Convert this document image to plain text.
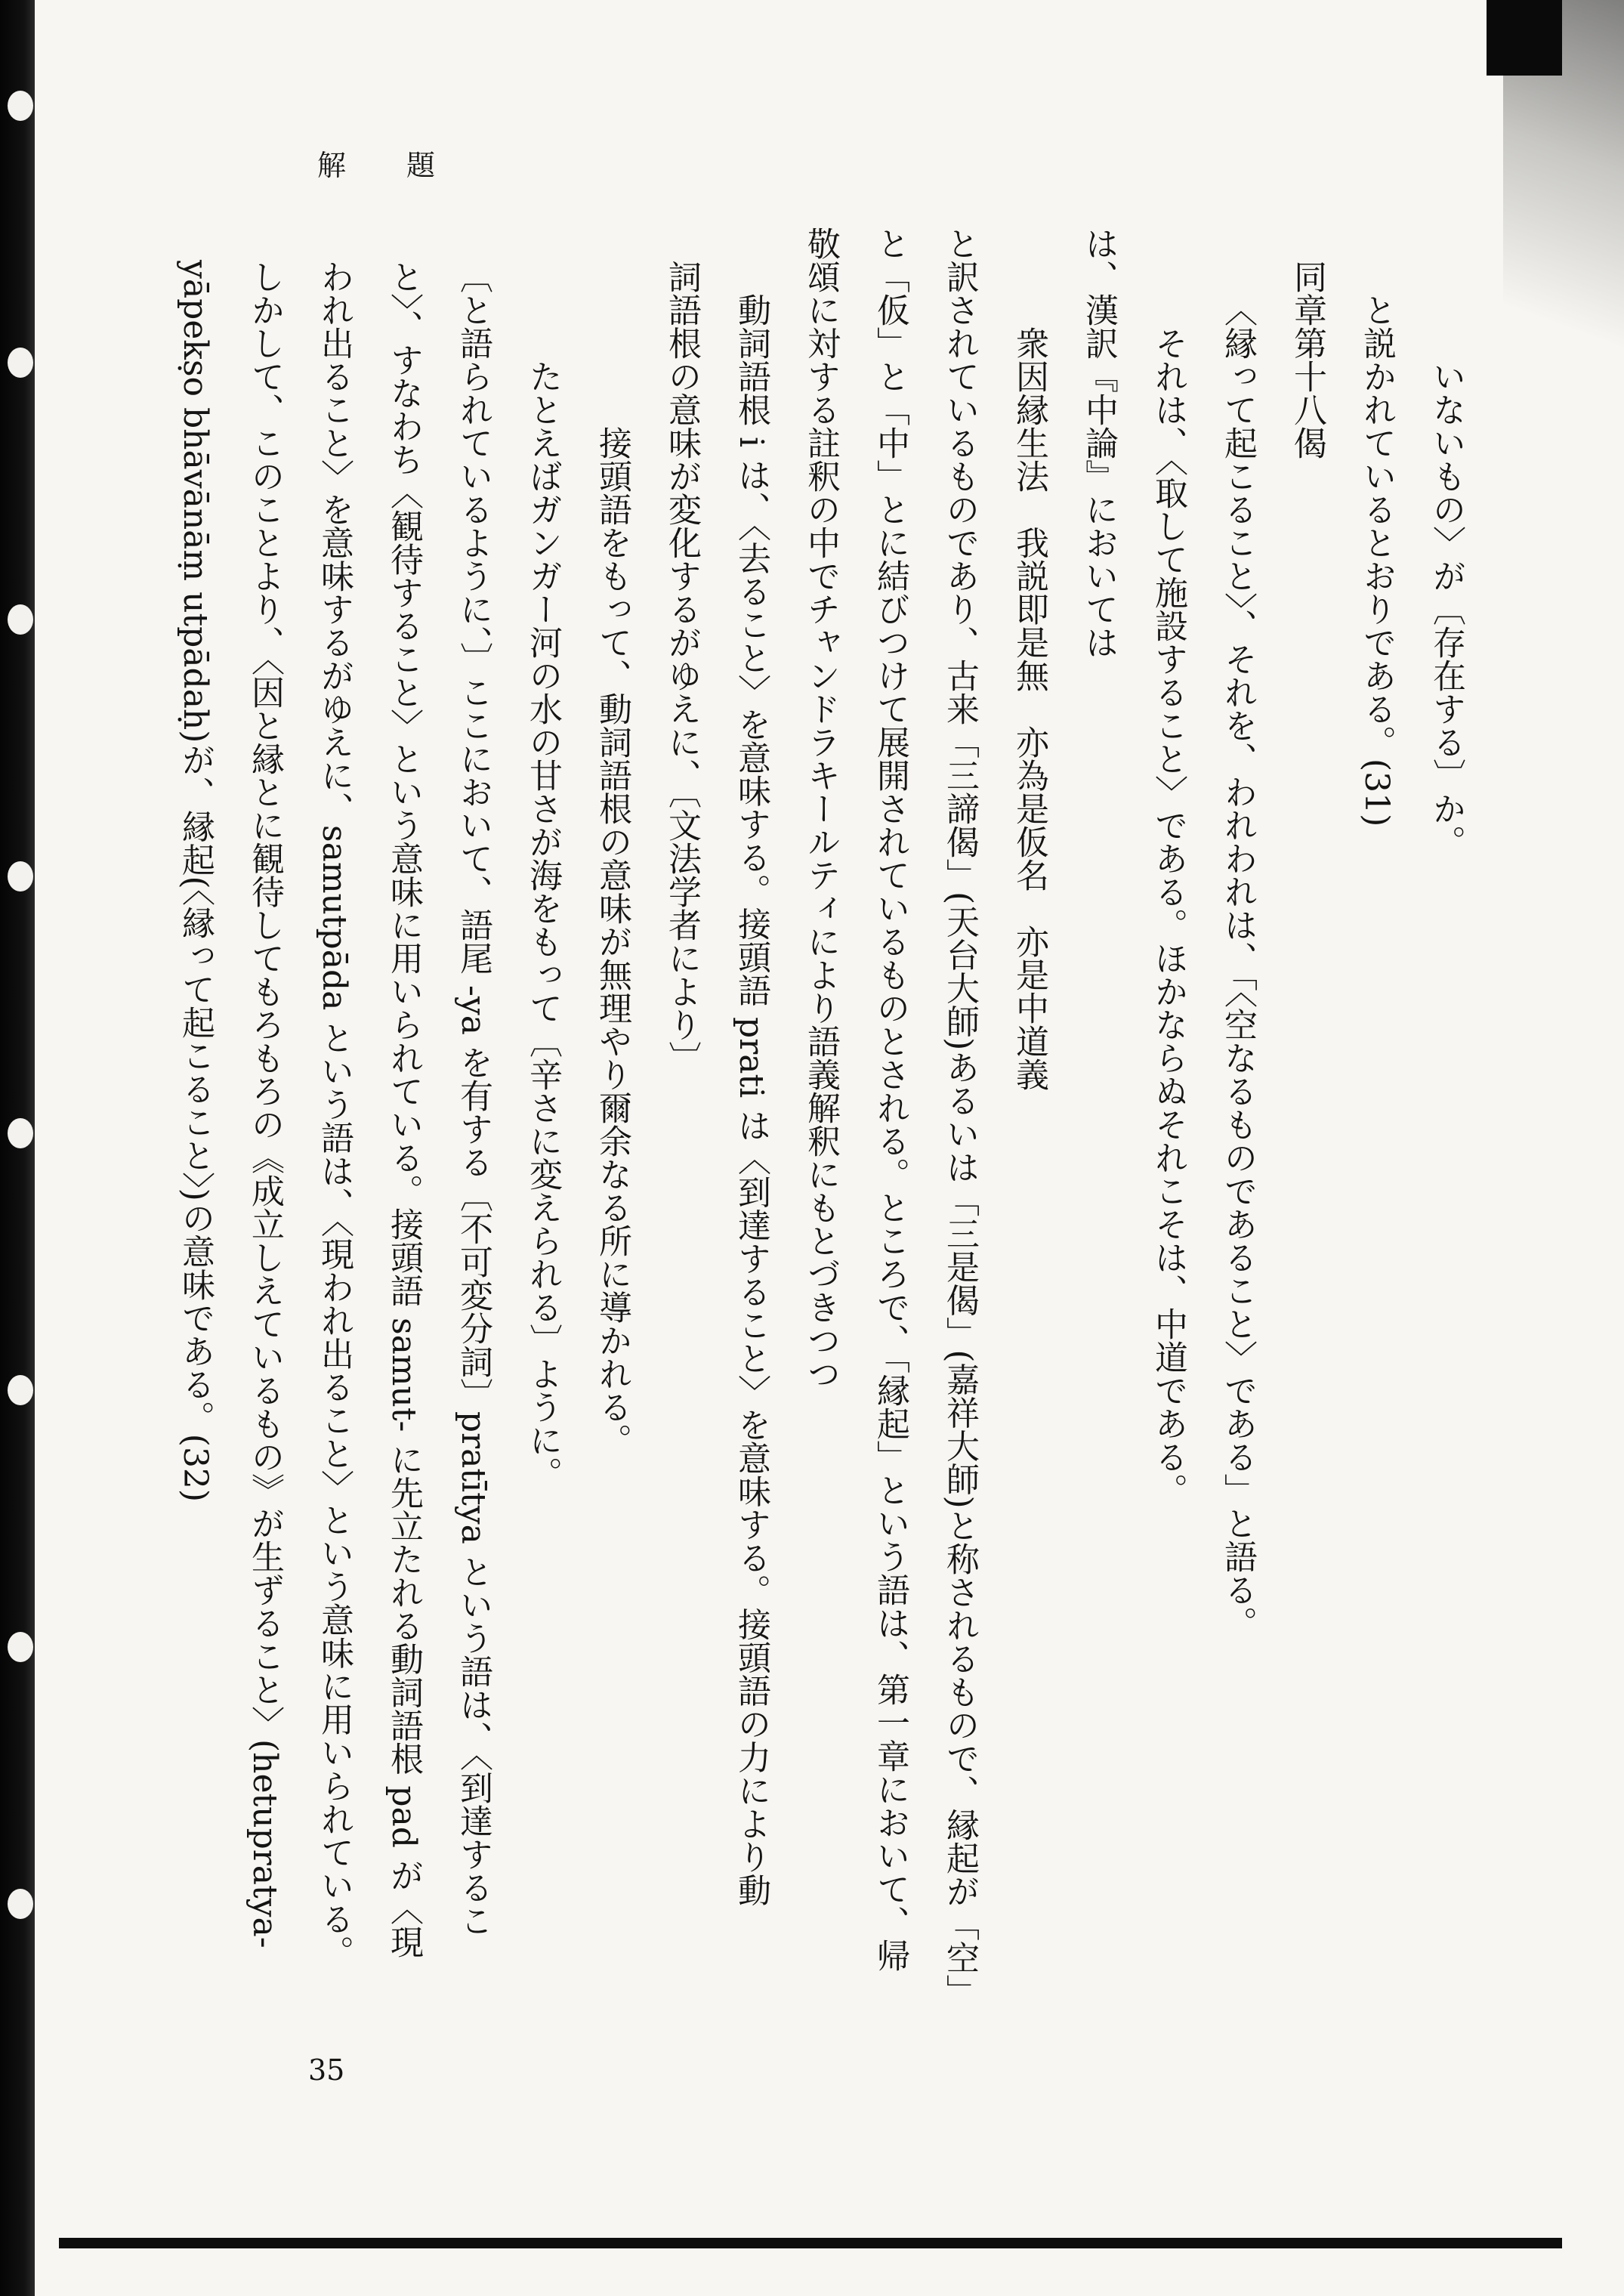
解題
いないもの〉が〔存在する〕か。
と説かれているとおりである。(31)
同章第十八偈
〈縁って起こること〉、それを、われわれは、「〈空なるものであること〉である」と語る。
それは、〈取して施設すること〉である。ほかならぬそれこそは、中道である。
は、漢訳『中論』においては
衆因縁生法　我説即是無　亦為是仮名　亦是中道義
と訳されているものであり、古来「三諦偈」(天台大師)あるいは「三是偈」(嘉祥大師)と称されるもので、縁起が「空」
と「仮」と「中」とに結びつけて展開されているものとされる。ところで、「縁起」という語は、第一章において、帰
敬頌に対する註釈の中でチャンドラキールティにより語義解釈にもとづきつつ
動詞語根 i は、〈去ること〉を意味する。接頭語 prati は〈到達すること〉を意味する。接頭語の力により動
詞語根の意味が変化するがゆえに、〔文法学者により〕
接頭語をもって、動詞語根の意味が無理やり爾余なる所に導かれる。
たとえばガンガー河の水の甘さが海をもって〔辛さに変えられる〕ように。
〔と語られているように、〕ここにおいて、語尾 -ya を有する〔不可変分詞〕pratītya という語は、〈到達するこ
と〉、すなわち〈観待すること〉という意味に用いられている。接頭語 samut- に先立たれる動詞語根 pad が〈現
われ出ること〉を意味するがゆえに、samutpāda という語は、〈現われ出ること〉という意味に用いられている。
しかして、このことより、〈因と縁とに観待してもろもろの《成立しえているもの》が生ずること〉(hetupratya-
yāpekṣo bhāvānāṃ utpādaḥ)が、縁起(〈縁って起こること〉)の意味である。(32)
35
